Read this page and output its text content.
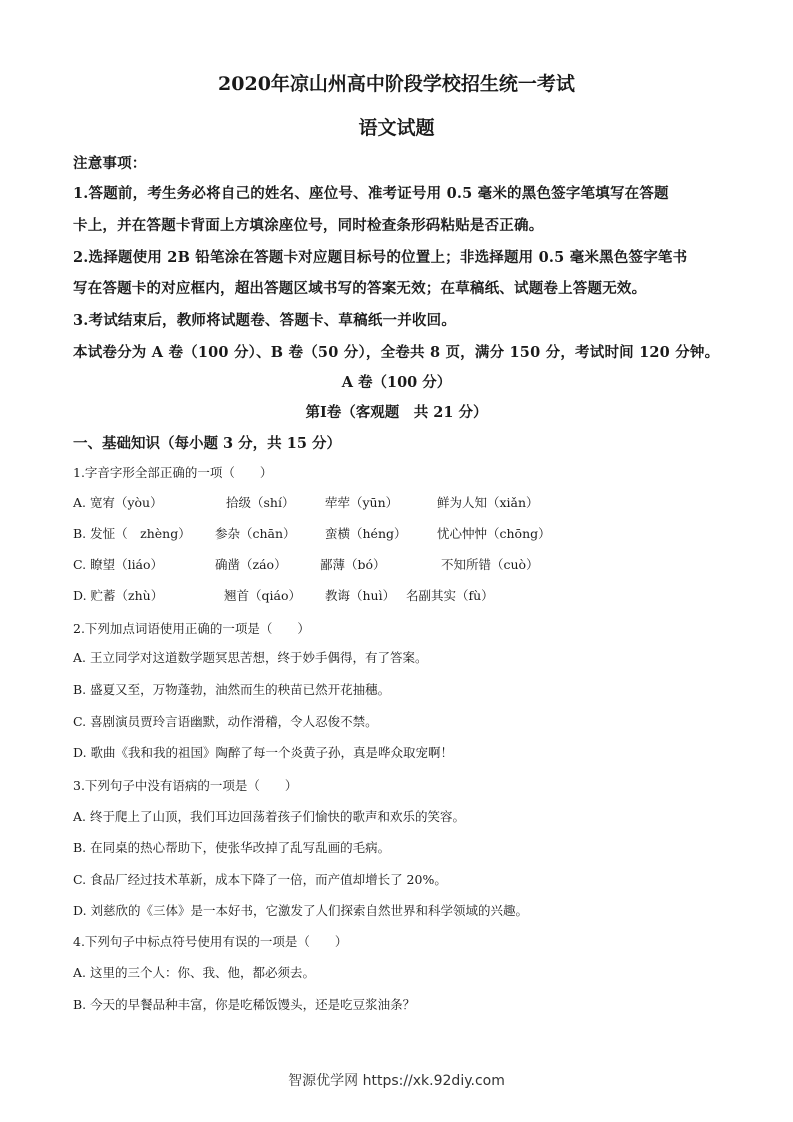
2020年凉山州高中阶段学校招生统一考试
语文试题
注意事项：
1.答题前，考生务必将自己的姓名、座位号、准考证号用 0.5 毫米的黑色签字笔填写在答题
卡上，并在答题卡背面上方填涂座位号，同时检查条形码粘贴是否正确。
2.选择题使用 2B 铅笔涂在答题卡对应题目标号的位置上；非选择题用 0.5 毫米黑色签字笔书
写在答题卡的对应框内，超出答题区域书写的答案无效；在草稿纸、试题卷上答题无效。
3.考试结束后，教师将试题卷、答题卡、草稿纸一并收回。
本试卷分为 A 卷（100 分）、B 卷（50 分），全卷共 8 页，满分 150 分，考试时间 120 分钟。
A 卷（100 分）
第Ⅰ卷（客观题　共 21 分）
一、基础知识（每小题 3 分，共 15 分）
1.字音字形全部正确的一项（　　）
A. 宽宥（yòu）	拾级（shí） 荦荦（yūn）	鲜为人知（xiǎn）
B. 发怔（　zhèng） 参杂（chān） 蛮横（héng） 忧心忡忡（chōng）
C. 瞭望（liáo）	确凿（záo）	鄙薄（bó）	不知所错（cuò）
D. 贮蓄（zhù）	翘首（qiáo） 教诲（huì） 名副其实（fù）
2.下列加点词语使用正确的一项是（　　）
A. 王立同学对这道数学题冥思苦想，终于妙手偶得，有了答案。
B. 盛夏又至，万物蓬勃，油然而生的秧苗已然开花抽穗。
C. 喜剧演员贾玲言语幽默，动作滑稽，令人忍俊不禁。
D. 歌曲《我和我的祖国》陶醉了每一个炎黄子孙，真是哗众取宠啊！
3.下列句子中没有语病的一项是（　　）
A. 终于爬上了山顶，我们耳边回荡着孩子们愉快的歌声和欢乐的笑容。
B. 在同桌的热心帮助下，使张华改掉了乱写乱画的毛病。
C. 食品厂经过技术革新，成本下降了一倍，而产值却增长了 20%。
D. 刘慈欣的《三体》是一本好书，它激发了人们探索自然世界和科学领域的兴趣。
4.下列句子中标点符号使用有误的一项是（　　）
A. 这里的三个人：你、我、他，都必须去。
B. 今天的早餐品种丰富，你是吃稀饭馒头，还是吃豆浆油条？
智源优学网 https://xk.92diy.com
